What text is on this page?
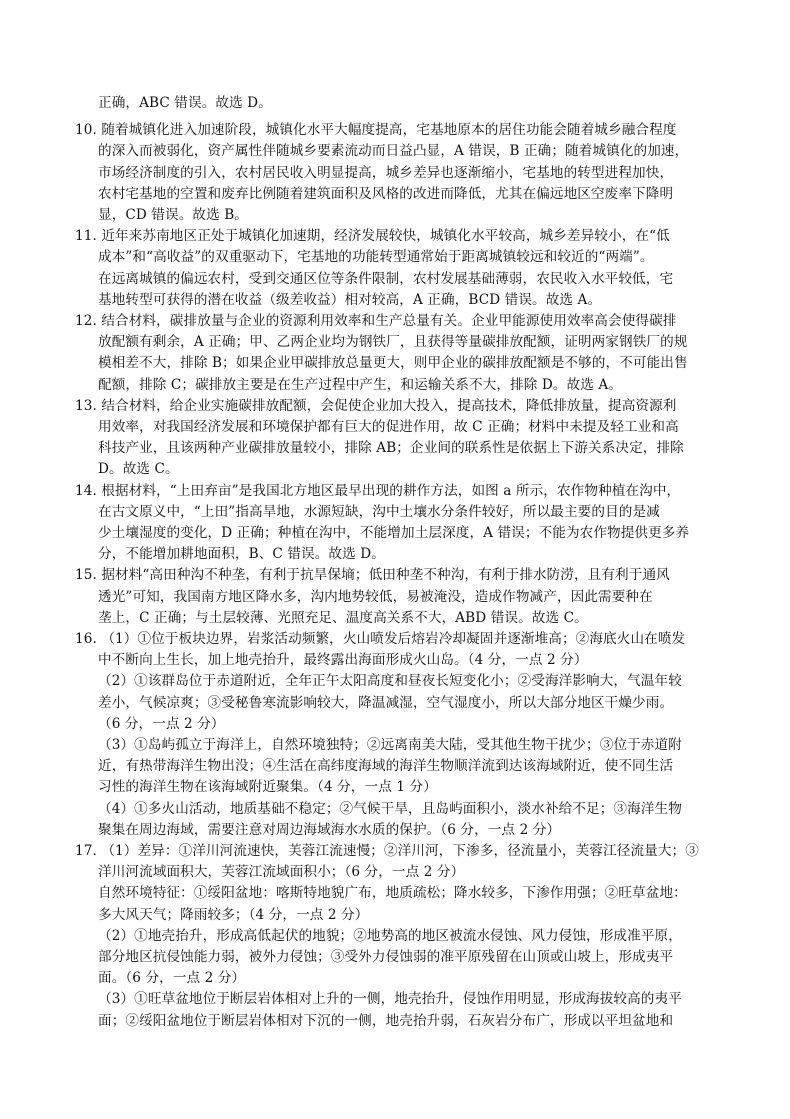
正确，ABC 错误。故选 D。
10. 随着城镇化进入加速阶段，城镇化水平大幅度提高，宅基地原本的居住功能会随着城乡融合程度
的深入而被弱化，资产属性伴随城乡要素流动而日益凸显，A 错误，B 正确；随着城镇化的加速，
市场经济制度的引入，农村居民收入明显提高，城乡差异也逐渐缩小，宅基地的转型进程加快，
农村宅基地的空置和废弃比例随着建筑面积及风格的改进而降低，尤其在偏远地区空废率下降明
显，CD 错误。故选 B。
11. 近年来苏南地区正处于城镇化加速期，经济发展较快，城镇化水平较高，城乡差异较小，在“低
成本”和“高收益”的双重驱动下，宅基地的功能转型通常始于距离城镇较远和较近的“两端”。
在远离城镇的偏远农村，受到交通区位等条件限制，农村发展基础薄弱，农民收入水平较低，宅
基地转型可获得的潜在收益（级差收益）相对较高，A 正确，BCD 错误。故选 A。
12. 结合材料，碳排放量与企业的资源利用效率和生产总量有关。企业甲能源使用效率高会使得碳排
放配额有剩余，A 正确；甲、乙两企业均为钢铁厂，且获得等量碳排放配额，证明两家钢铁厂的规
模相差不大，排除 B；如果企业甲碳排放总量更大，则甲企业的碳排放配额是不够的，不可能出售
配额，排除 C；碳排放主要是在生产过程中产生，和运输关系不大，排除 D。故选 A。
13. 结合材料，给企业实施碳排放配额，会促使企业加大投入，提高技术，降低排放量，提高资源利
用效率，对我国经济发展和环境保护都有巨大的促进作用，故 C 正确；材料中未提及轻工业和高
科技产业，且该两种产业碳排放量较小，排除 AB；企业间的联系性是依据上下游关系决定，排除
D。故选 C。
14. 根据材料，“上田弃亩”是我国北方地区最早出现的耕作方法，如图 a 所示，农作物种植在沟中，
在古文原义中，“上田”指高旱地，水源短缺，沟中土壤水分条件较好，所以最主要的目的是减
少土壤湿度的变化，D 正确；种植在沟中，不能增加土层深度，A 错误；不能为农作物提供更多养
分，不能增加耕地面积，B、C 错误。故选 D。
15. 据材料“高田种沟不种垄，有利于抗旱保墒；低田种垄不种沟，有利于排水防涝，且有利于通风
透光”可知，我国南方地区降水多，沟内地势较低，易被淹没，造成作物减产，因此需要种在
垄上，C 正确；与土层较薄、光照充足、温度高关系不大，ABD 错误。故选 C。
16. （1）①位于板块边界，岩浆活动频繁，火山喷发后熔岩冷却凝固并逐渐堆高；②海底火山在喷发
中不断向上生长，加上地壳抬升，最终露出海面形成火山岛。（4 分，一点 2 分）
（2）①该群岛位于赤道附近，全年正午太阳高度和昼夜长短变化小；②受海洋影响大，气温年较
差小，气候凉爽；③受秘鲁寒流影响较大，降温减湿，空气湿度小，所以大部分地区干燥少雨。
（6 分，一点 2 分）
（3）①岛屿孤立于海洋上，自然环境独特；②远离南美大陆，受其他生物干扰少；③位于赤道附
近，有热带海洋生物出没；④生活在高纬度海域的海洋生物顺洋流到达该海域附近，使不同生活
习性的海洋生物在该海域附近聚集。（4 分，一点 1 分）
（4）①多火山活动，地质基础不稳定；②气候干旱，且岛屿面积小，淡水补给不足；③海洋生物
聚集在周边海域，需要注意对周边海域海水水质的保护。（6 分，一点 2 分）
17. （1）差异：①洋川河流速快，芙蓉江流速慢；②洋川河，下渗多，径流量小，芙蓉江径流量大；③
洋川河流域面积大，芙蓉江流域面积小；（6 分，一点 2 分）
自然环境特征：①绥阳盆地：喀斯特地貌广布，地质疏松；降水较多，下渗作用强；②旺草盆地：
多大风天气；降雨较多；（4 分，一点 2 分）
（2）①地壳抬升，形成高低起伏的地貌；②地势高的地区被流水侵蚀、风力侵蚀，形成准平原，
部分地区抗侵蚀能力弱，被外力侵蚀；③受外力侵蚀弱的准平原残留在山顶或山坡上，形成夷平
面。（6 分，一点 2 分）
（3）①旺草盆地位于断层岩体相对上升的一侧，地壳抬升，侵蚀作用明显，形成海拔较高的夷平
面；②绥阳盆地位于断层岩体相对下沉的一侧，地壳抬升弱，石灰岩分布广，形成以平坦盆地和
